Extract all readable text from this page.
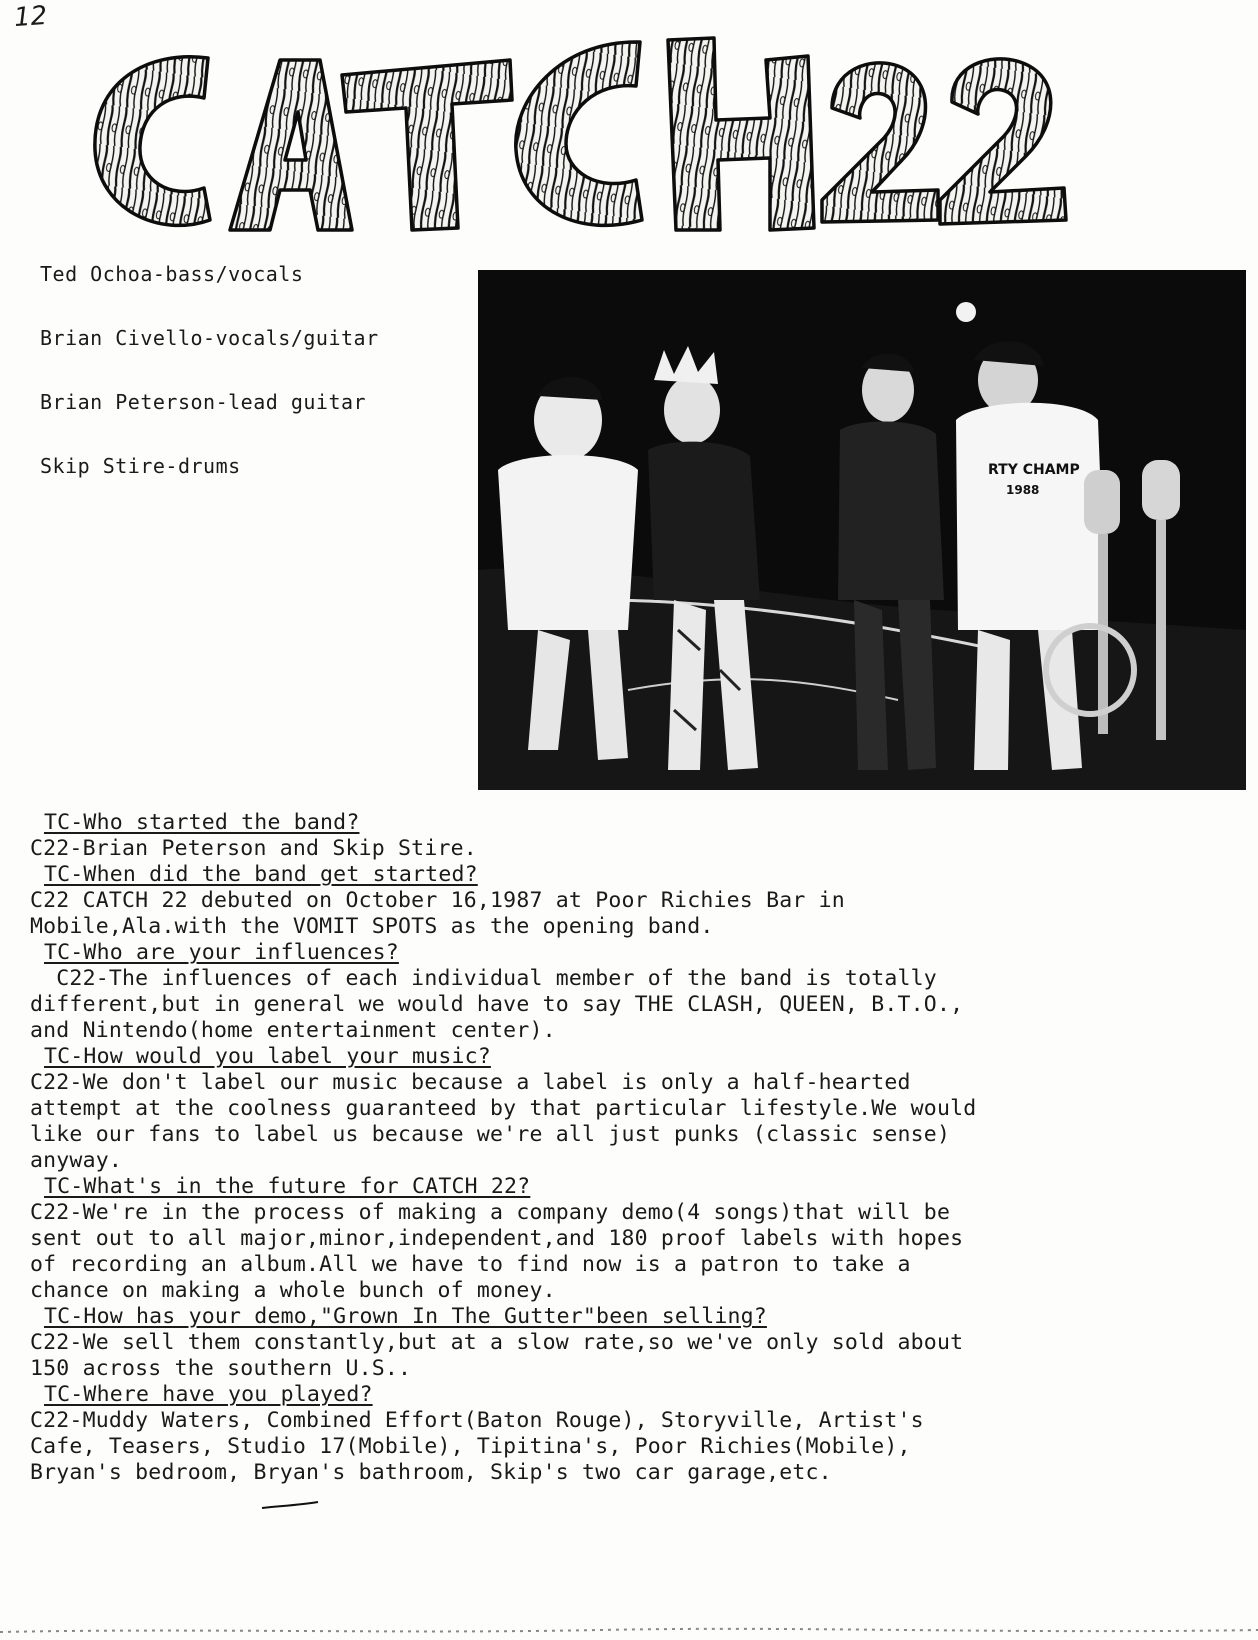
12
Ted Ochoa-bass/vocals
Brian Civello-vocals/guitar
Brian Peterson-lead guitar
Skip Stire-drums	RTY CHAMP
1988
TC-Who started the band?
C22-Brian Peterson and Skip Stire.
TC-When did the band get started?
C22 CATCH 22 debuted on October 16,1987 at Poor Richies Bar in
Mobile,Ala.with the VOMIT SPOTS as the opening band.
TC-Who are your influences?
C22-The influences of each individual member of the band is totally
different,but in general we would have to say THE CLASH, QUEEN, B.T.O.,
and Nintendo(home entertainment center).
TC-How would you label your music?
C22-We don't label our music because a label is only a half-hearted
attempt at the coolness guaranteed by that particular lifestyle.We would
like our fans to label us because we're all just punks (classic sense)
anyway.
TC-What's in the future for CATCH 22?
C22-We're in the process of making a company demo(4 songs)that will be
sent out to all major,minor,independent,and 180 proof labels with hopes
of recording an album.All we have to find now is a patron to take a
chance on making a whole bunch of money.
TC-How has your demo,"Grown In The Gutter"been selling?
C22-We sell them constantly,but at a slow rate,so we've only sold about
150 across the southern U.S..
TC-Where have you played?
C22-Muddy Waters, Combined Effort(Baton Rouge), Storyville, Artist's
Cafe, Teasers, Studio 17(Mobile), Tipitina's, Poor Richies(Mobile),
Bryan's bedroom, Bryan's bathroom, Skip's two car garage,etc.
